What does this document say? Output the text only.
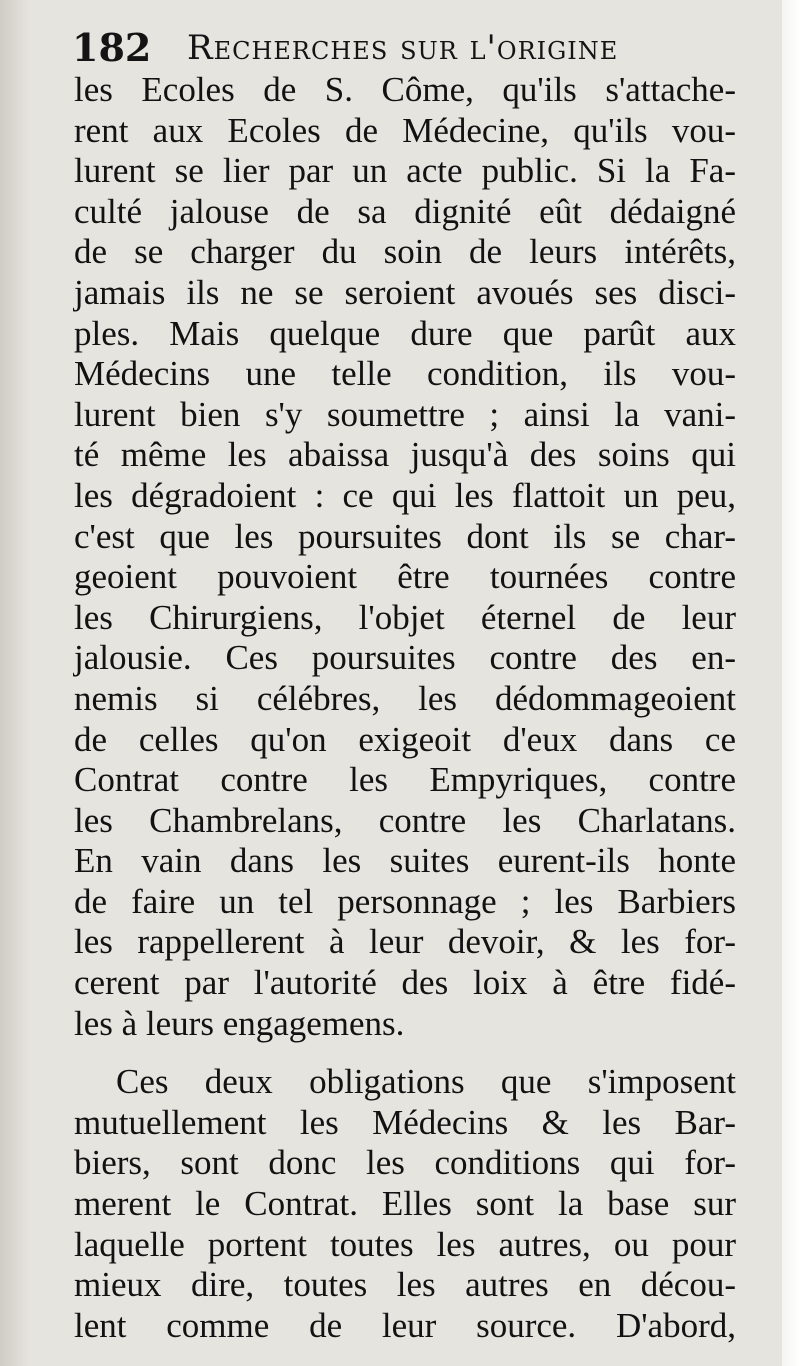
182 Recherches sur l'origine
les Ecoles de S. Côme, qu'ils s'attache-
rent aux Ecoles de Médecine, qu'ils vou-
lurent se lier par un acte public. Si la Fa-
culté jalouse de sa dignité eût dédaigné
de se charger du soin de leurs intérêts,
jamais ils ne se seroient avoués ses disci-
ples. Mais quelque dure que parût aux
Médecins une telle condition, ils vou-
lurent bien s'y soumettre ; ainsi la vani-
té même les abaissa jusqu'à des soins qui
les dégradoient : ce qui les flattoit un peu,
c'est que les poursuites dont ils se char-
geoient pouvoient être tournées contre
les Chirurgiens, l'objet éternel de leur
jalousie. Ces poursuites contre des en-
nemis si célébres, les dédommageoient
de celles qu'on exigeoit d'eux dans ce
Contrat contre les Empyriques, contre
les Chambrelans, contre les Charlatans.
En vain dans les suites eurent-ils honte
de faire un tel personnage ; les Barbiers
les rappellerent à leur devoir, & les for-
cerent par l'autorité des loix à être fidé-
les à leurs engagemens.
Ces deux obligations que s'imposent
mutuellement les Médecins & les Bar-
biers, sont donc les conditions qui for-
merent le Contrat. Elles sont la base sur
laquelle portent toutes les autres, ou pour
mieux dire, toutes les autres en décou-
lent comme de leur source. D'abord,
